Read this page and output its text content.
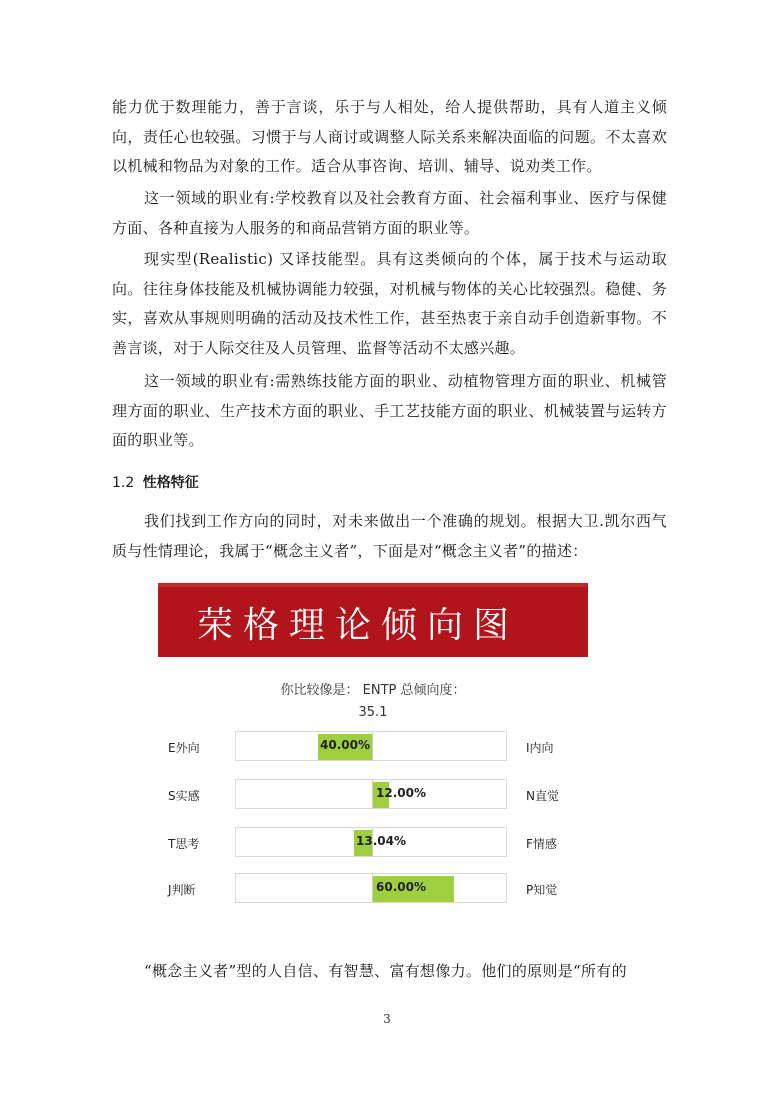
能力优于数理能力，善于言谈，乐于与人相处，给人提供帮助，具有人道主义倾向，责任心也较强。习惯于与人商讨或调整人际关系来解决面临的问题。不太喜欢以机械和物品为对象的工作。适合从事咨询、培训、辅导、说劝类工作。

这一领域的职业有:学校教育以及社会教育方面、社会福利事业、医疗与保健方面、各种直接为人服务的和商品营销方面的职业等。

现实型(Realistic) 又译技能型。具有这类倾向的个体，属于技术与运动取向。往往身体技能及机械协调能力较强，对机械与物体的关心比较强烈。稳健、务实，喜欢从事规则明确的活动及技术性工作，甚至热衷于亲自动手创造新事物。不善言谈，对于人际交往及人员管理、监督等活动不太感兴趣。

这一领域的职业有:需熟练技能方面的职业、动植物管理方面的职业、机械管理方面的职业、生产技术方面的职业、手工艺技能方面的职业、机械装置与运转方面的职业等。

1.2 性格特征

我们找到工作方向的同时，对未来做出一个准确的规划。根据大卫.凯尔西气质与性情理论，我属于“概念主义者”，下面是对“概念主义者”的描述：

荣格理论倾向图
你比较像是： ENTP 总倾向度：
35.1
E外向	40.00%	I内向
S实感	12.00%	N直觉
T思考	13.04%	F情感
J判断	60.00%	P知觉

“概念主义者”型的人自信、有智慧、富有想像力。他们的原则是“所有的

3
